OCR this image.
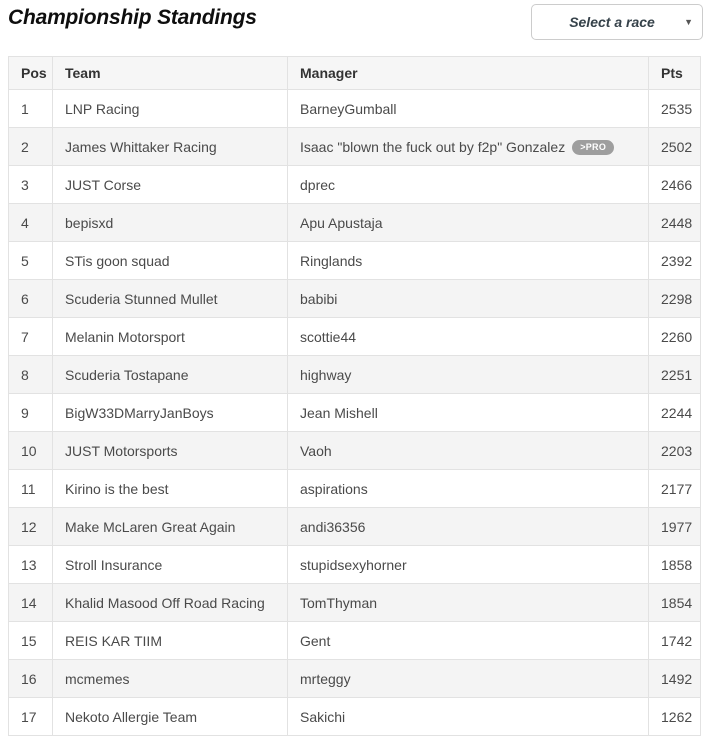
Championship Standings	Select a race	▼
Pos	Team	Manager	Pts
1	LNP Racing	BarneyGumball	2535
2	James Whittaker Racing	Isaac "blown the fuck out by f2p" Gonzalez >PRO	2502
3	JUST Corse	dprec	2466
4	bepisxd	Apu Apustaja	2448
5	STis goon squad	Ringlands	2392
6	Scuderia Stunned Mullet	babibi	2298
7	Melanin Motorsport	scottie44	2260
8	Scuderia Tostapane	highway	2251
9	BigW33DMarryJanBoys	Jean Mishell	2244
10	JUST Motorsports	Vaoh	2203
11	Kirino is the best	aspirations	2177
12	Make McLaren Great Again	andi36356	1977
13	Stroll Insurance	stupidsexyhorner	1858
14	Khalid Masood Off Road Racing	TomThyman	1854
15	REIS KAR TIIM	Gent	1742
16	mcmemes	mrteggy	1492
17	Nekoto Allergie Team	Sakichi	1262
